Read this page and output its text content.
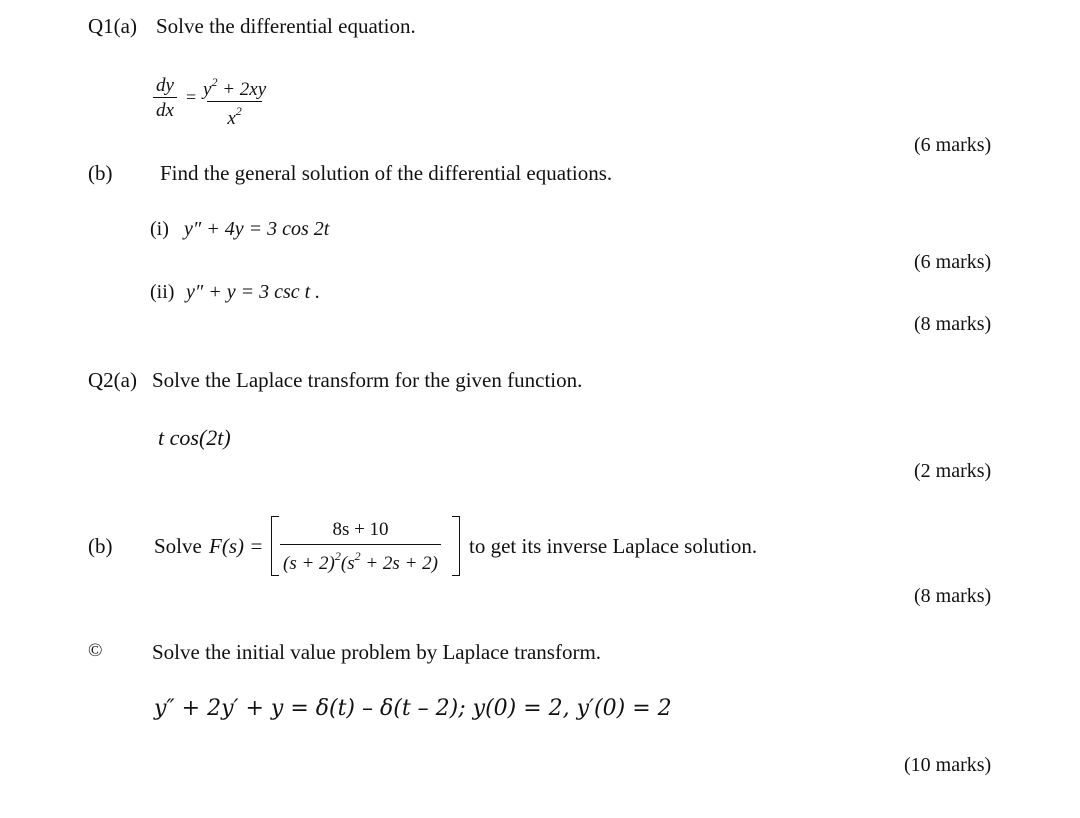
Q1(a) Solve the differential equation.
$\frac{dy}{dx} = \frac{y^2 + 2xy}{x^2}$
(6 marks)
(b) Find the general solution of the differential equations.
(i) y″ + 4y = 3 cos 2t
(6 marks)
(ii) y″ + y = 3 csc t .
(8 marks)
Q2(a) Solve the Laplace transform for the given function.
t cos(2t)
(2 marks)
(b) Solve $F(s) = \frac{8s + 10}{(s + 2)^2(s^2 + 2s + 2)}$ to get its inverse Laplace solution.
(8 marks)
© Solve the initial value problem by Laplace transform.
y″ + 2y′ + y = δ(t) – δ(t – 2); y(0) = 2, y′(0) = 2
(10 marks)
